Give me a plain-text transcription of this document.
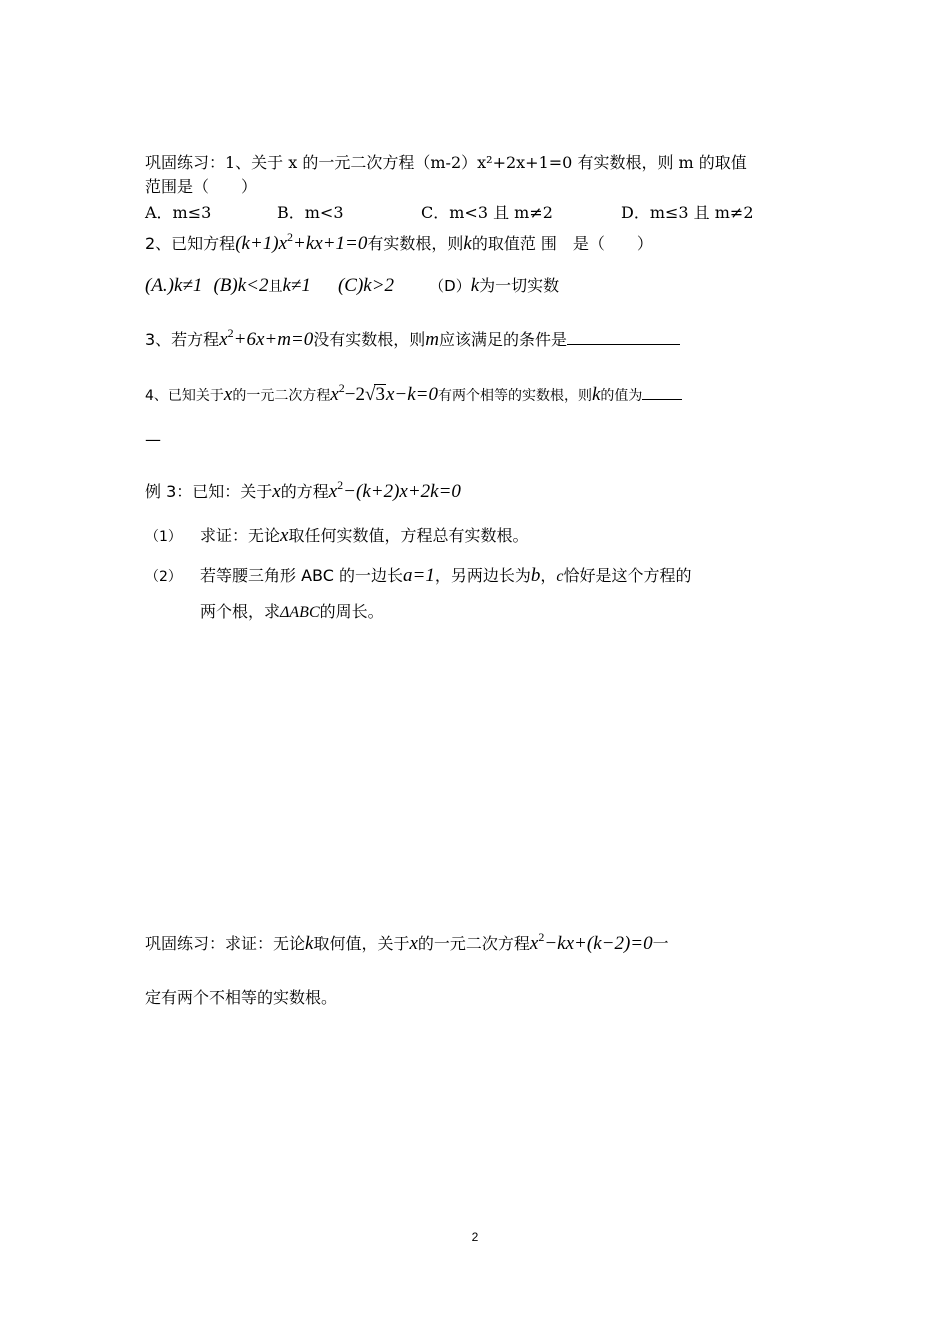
巩固练习：1、关于 x 的一元二次方程（m-2）x²+2x+1=0 有实数根，则 m 的取值
范围是（　　）
A．m≤3	B．m<3	C．m<3 且 m≠2	D．m≤3 且 m≠2
2、已知方程$(k+1)x^2+kx+1=0$有实数根，则k的取值范 围　是（　　）
(A.)k≠1 (B)k<2且k≠1 (C)k>2 （D）k为一切实数
3、若方程$x^2+6x+m=0$没有实数根，则m应该满足的条件是
4、已知关于x的一元二次方程$x^2-2√3x-k=0$有两个相等的实数根，则k的值为
—
例 3：已知：关于x的方程$x^2-(k+2)x+2k=0$
（1） 求证：无论x取任何实数值，方程总有实数根。
（2） 若等腰三角形 ABC 的一边长a=1，另两边长为b，c恰好是这个方程的
两个根，求ΔABC的周长。
巩固练习：求证：无论k取何值，关于x的一元二次方程$x^2-kx+(k-2)=0$一
定有两个不相等的实数根。
2
